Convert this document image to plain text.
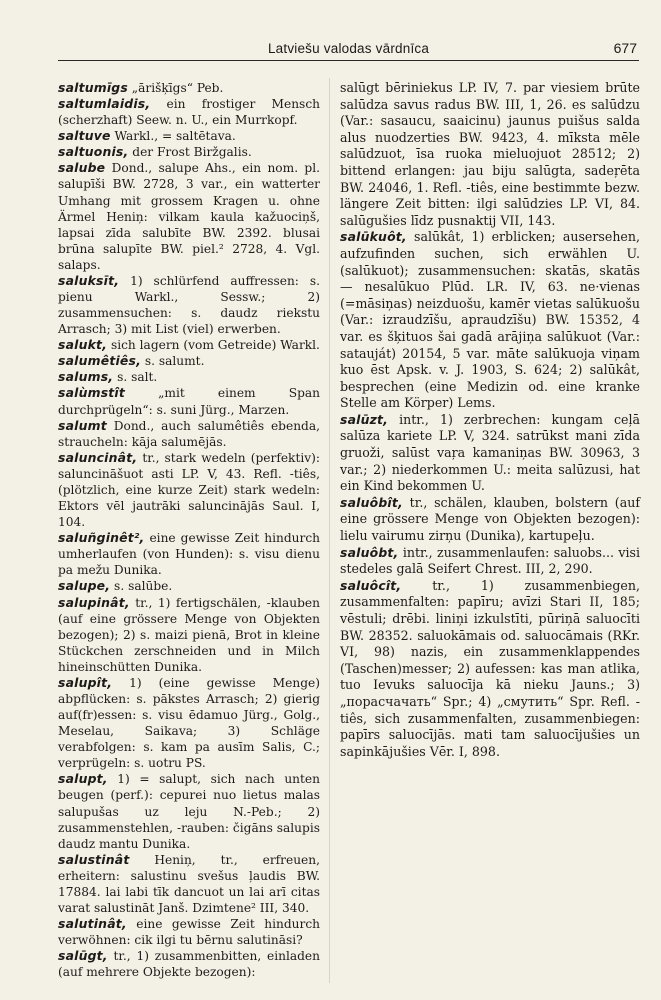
Latviešu valodas vārdnīca	677
saltumīgs „ārišķīgs“ Peb.
saltumlaidis, ein frostiger Mensch (scherzhaft) Seew. n. U., ein Murrkopf.
saltuve Warkl., = saltētava.
saltuonis, der Frost Biržgalis.
salube Dond., salupe Ahs., ein nom. pl. salupīši BW. 2728, 3 var., ein watterter Umhang mit grossem Kragen u. ohne Ärmel Heniņ: vilkam kaula kažuociņš, lapsai zīda salubīte BW. 2392. blusai brūna salupīte BW. piel.² 2728, 4. Vgl. salaps.
saluksīt, 1) schlürfend auffressen: s. pienu Warkl., Sessw.; 2) zusammensuchen: s. daudz riekstu Arrasch; 3) mit List (viel) erwerben.
salukt, sich lagern (vom Getreide) Warkl.
salumêtiês, s. salumt.
salums, s. salt.
salùmstît „mit einem Span durchprügeln“: s. suni Jürg., Marzen.
salumt Dond., auch salumêtiês ebenda, straucheln: kāja salumējās.
saluncinât, tr., stark wedeln (perfektiv): saluncināšuot asti LP. V, 43. Refl. -tiês, (plötzlich, eine kurze Zeit) stark wedeln: Ektors vēl jautrāki saluncinājās Saul. I, 104.
saluñginêt², eine gewisse Zeit hindurch umherlaufen (von Hunden): s. visu dienu pa mežu Dunika.
salupe, s. salūbe.
salupinât, tr., 1) fertigschälen, -klauben (auf eine grössere Menge von Objekten bezogen); 2) s. maizi pienā, Brot in kleine Stückchen zerschneiden und in Milch hineinschütten Dunika.
salupît, 1) (eine gewisse Menge) abpflücken: s. pākstes Arrasch; 2) gierig auf(fr)essen: s. visu ēdamuo Jürg., Golg., Meselau, Saikava; 3) Schläge verabfolgen: s. kam pa ausīm Salis, C.; verprügeln: s. uotru PS.
salupt, 1) = salupt, sich nach unten beugen (perf.): cepurei nuo lietus malas salupušas uz leju N.-Peb.; 2) zusammenstehlen, -rauben: čigāns salupis daudz mantu Dunika.
salustinât Heniņ, tr., erfreuen, erheitern: salustinu svešus ļaudis BW. 17884. lai labi tīk dancuot un lai arī citas varat salustināt Janš. Dzimtene² III, 340.
salutinât, eine gewisse Zeit hindurch verwöhnen: cik ilgi tu bērnu salutināsi?
salūgt, tr., 1) zusammenbitten, einladen (auf mehrere Objekte bezogen):
salūgt bēriniekus LP. IV, 7. par viesiem brūte salūdza savus radus BW. III, 1, 26. es salūdzu (Var.: sasaucu, saaicinu) jaunus puišus salda alus nuodzerties BW. 9423, 4. mīksta mēle salūdzuot, īsa ruoka mieluojuot 28512; 2) bittend erlangen: jau biju salūgta, sadeŗēta BW. 24046, 1. Refl. -tiês, eine bestimmte bezw. längere Zeit bitten: ilgi salūdzies LP. VI, 84. salūgušies līdz pusnaktij VII, 143.
salūkuôt, salūkât, 1) erblicken; ausersehen, aufzufinden suchen, sich erwählen U. (salūkuot); zusammensuchen: skatās, skatās — nesalūkuo Plūd. LR. IV, 63. ne·vienas (=māsiņas) neizduošu, kamēr vietas salūkuošu (Var.: izraudzīšu, apraudzīšu) BW. 15352, 4 var. es šķituos šai gadā arājiņa salūkuot (Var.: satauját) 20154, 5 var. māte salūkuoja viņam kuo ēst Apsk. v. J. 1903, S. 624; 2) salūkât, besprechen (eine Medizin od. eine kranke Stelle am Körper) Lems.
salūzt, intr., 1) zerbrechen: kungam ceļā salūza kariete LP. V, 324. satrūkst mani zīda gruoži, salūst vaŗa kamaniņas BW. 30963, 3 var.; 2) niederkommen U.: meita salūzusi, hat ein Kind bekommen U.
saluôbît, tr., schälen, klauben, bolstern (auf eine grössere Menge von Objekten bezogen): lielu vairumu zirņu (Dunika), kartupeļu.
saluôbt, intr., zusammenlaufen: saluobs... visi stedeles galā Seifert Chrest. III, 2, 290.
saluôcît, tr., 1) zusammenbiegen, zusammenfalten: papīru; avīzi Stari II, 185; vēstuli; drēbi. liniņi izkulstīti, pūriņā saluocīti BW. 28352. saluokāmais od. saluocāmais (RKr. VI, 98) nazis, ein zusammenklappendes (Taschen)messer; 2) aufessen: kas man atlika, tuo Ievuks saluocīja kā nieku Jauns.; 3) „порасчачать“ Spr.; 4) „смутить“ Spr. Refl. -tiês, sich zusammenfalten, zusammenbiegen: papīrs saluocījās. mati tam saluocījušies un sapinkājušies Vēr. I, 898.
